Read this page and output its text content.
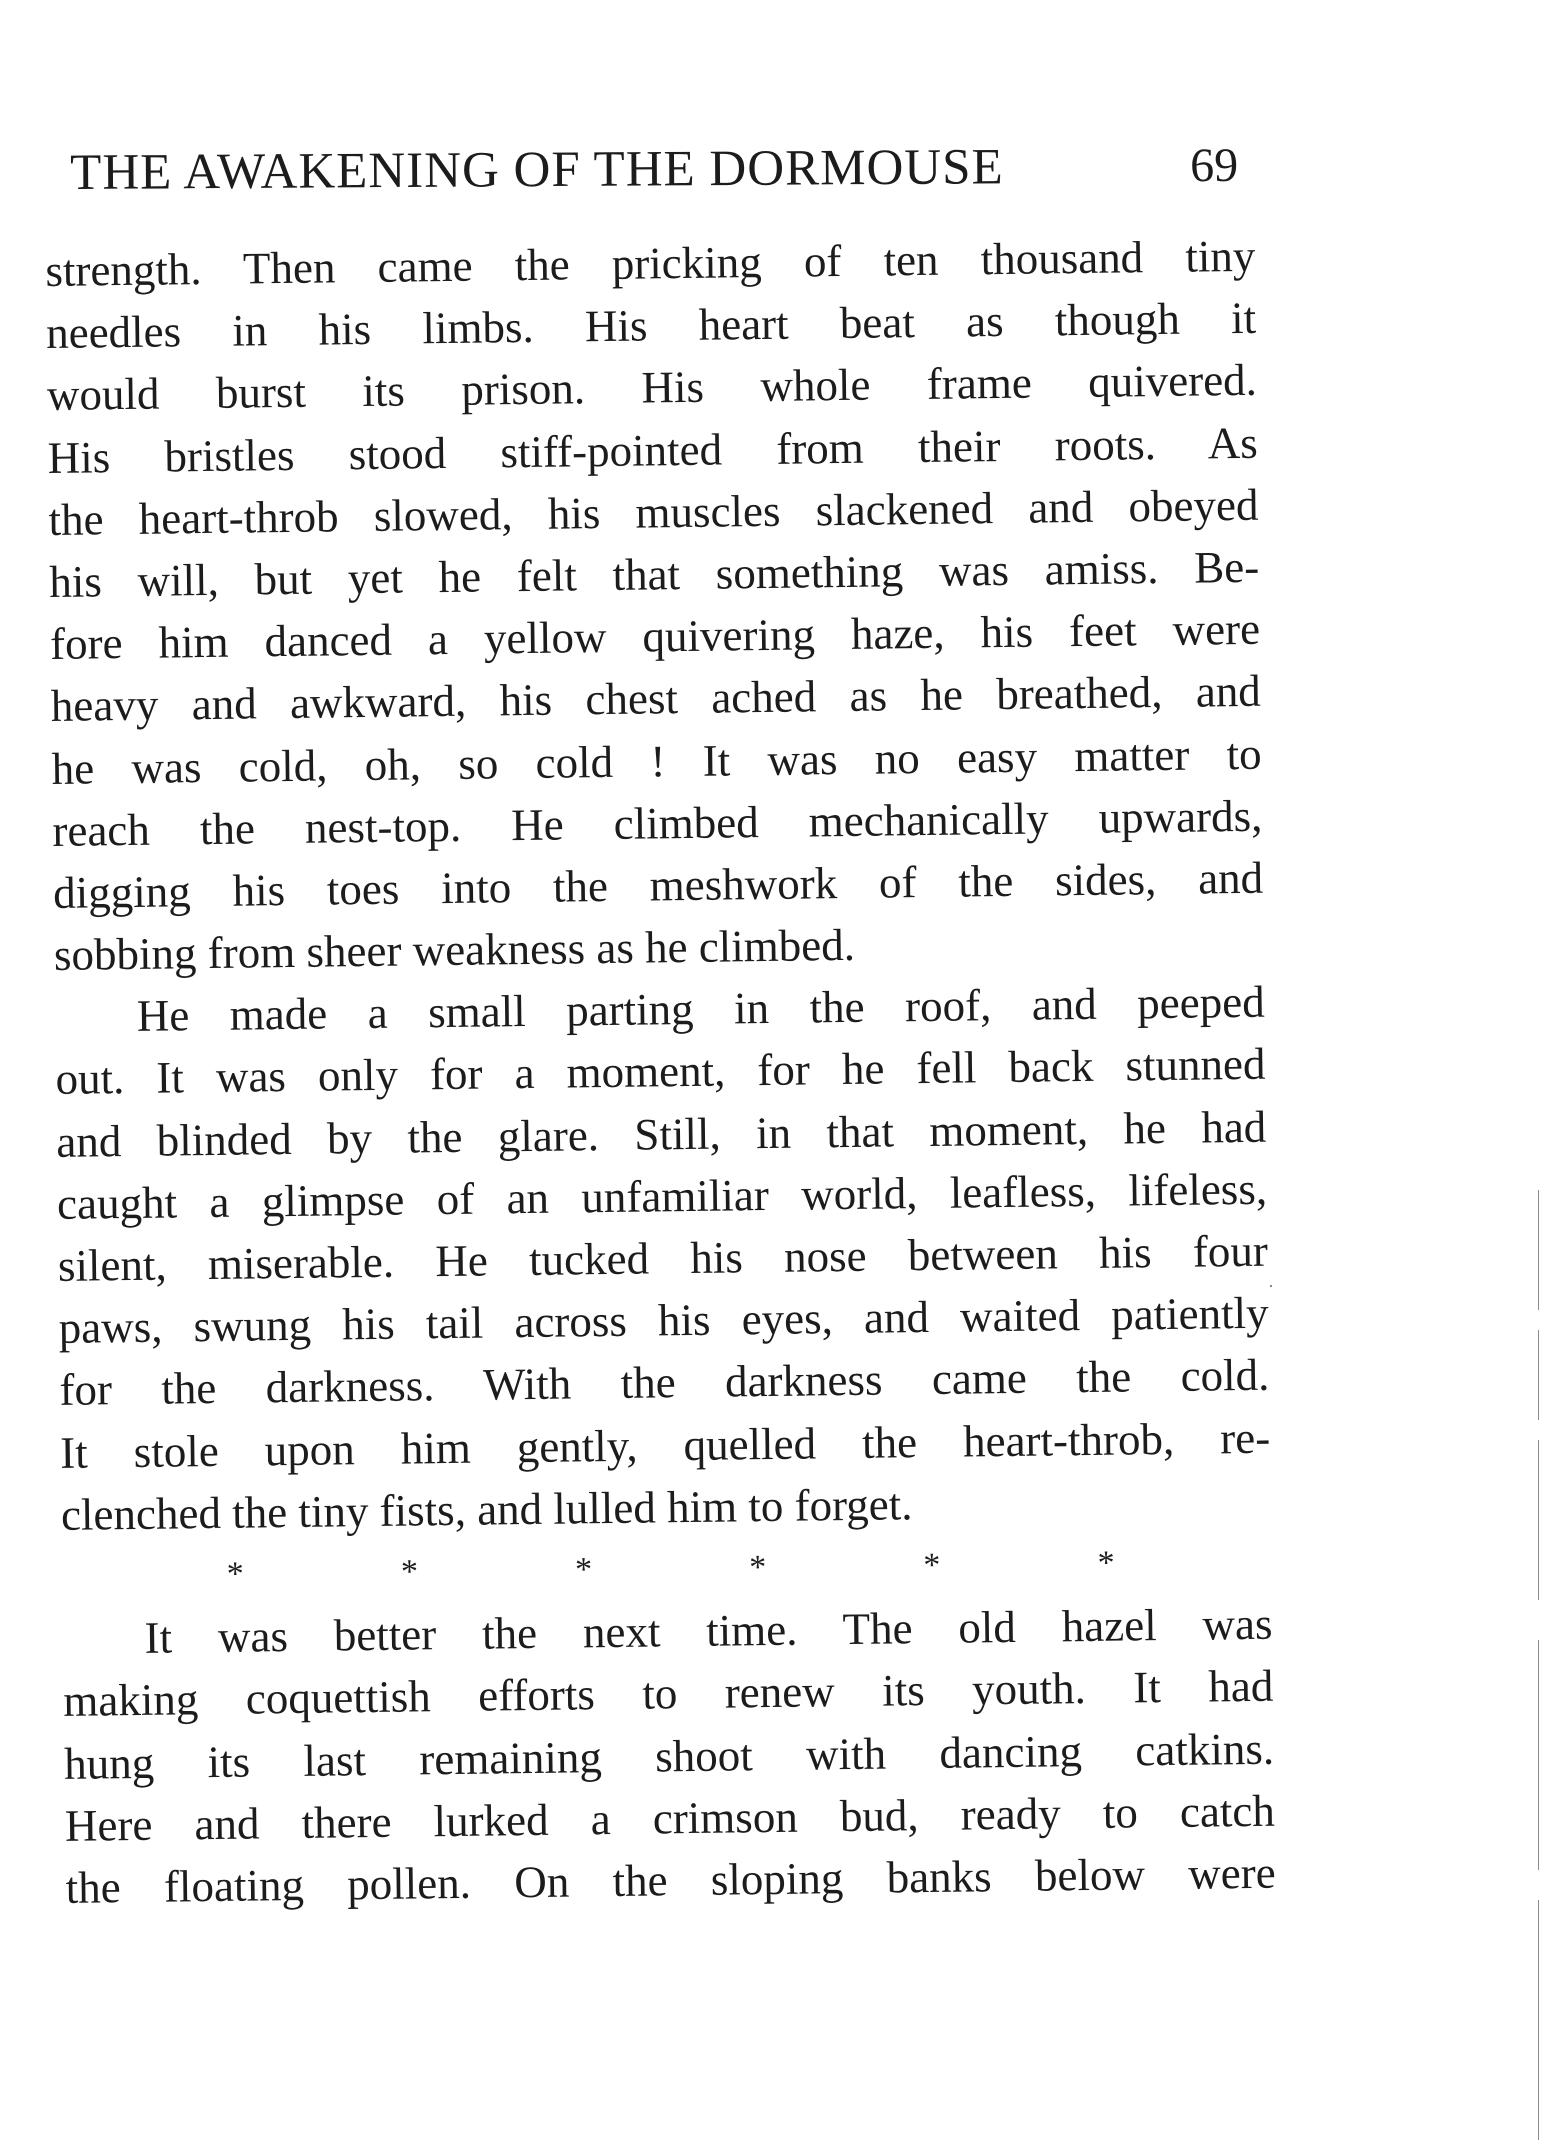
THE AWAKENING OF THE DORMOUSE	69
strength. Then came the pricking of ten thousand tiny
needles in his limbs. His heart beat as though it
would burst its prison. His whole frame quivered.
His bristles stood stiff-pointed from their roots. As
the heart-throb slowed, his muscles slackened and obeyed
his will, but yet he felt that something was amiss. Be-
fore him danced a yellow quivering haze, his feet were
heavy and awkward, his chest ached as he breathed, and
he was cold, oh, so cold ! It was no easy matter to
reach the nest-top. He climbed mechanically upwards,
digging his toes into the meshwork of the sides, and
sobbing from sheer weakness as he climbed.
He made a small parting in the roof, and peeped
out. It was only for a moment, for he fell back stunned
and blinded by the glare. Still, in that moment, he had
caught a glimpse of an unfamiliar world, leafless, lifeless,
silent, miserable. He tucked his nose between his four
paws, swung his tail across his eyes, and waited patiently
for the darkness. With the darkness came the cold.
It stole upon him gently, quelled the heart-throb, re-
clenched the tiny fists, and lulled him to forget.
*	*	*	*	*	*
It was better the next time. The old hazel was
making coquettish efforts to renew its youth. It had
hung its last remaining shoot with dancing catkins.
Here and there lurked a crimson bud, ready to catch
the floating pollen. On the sloping banks below were
